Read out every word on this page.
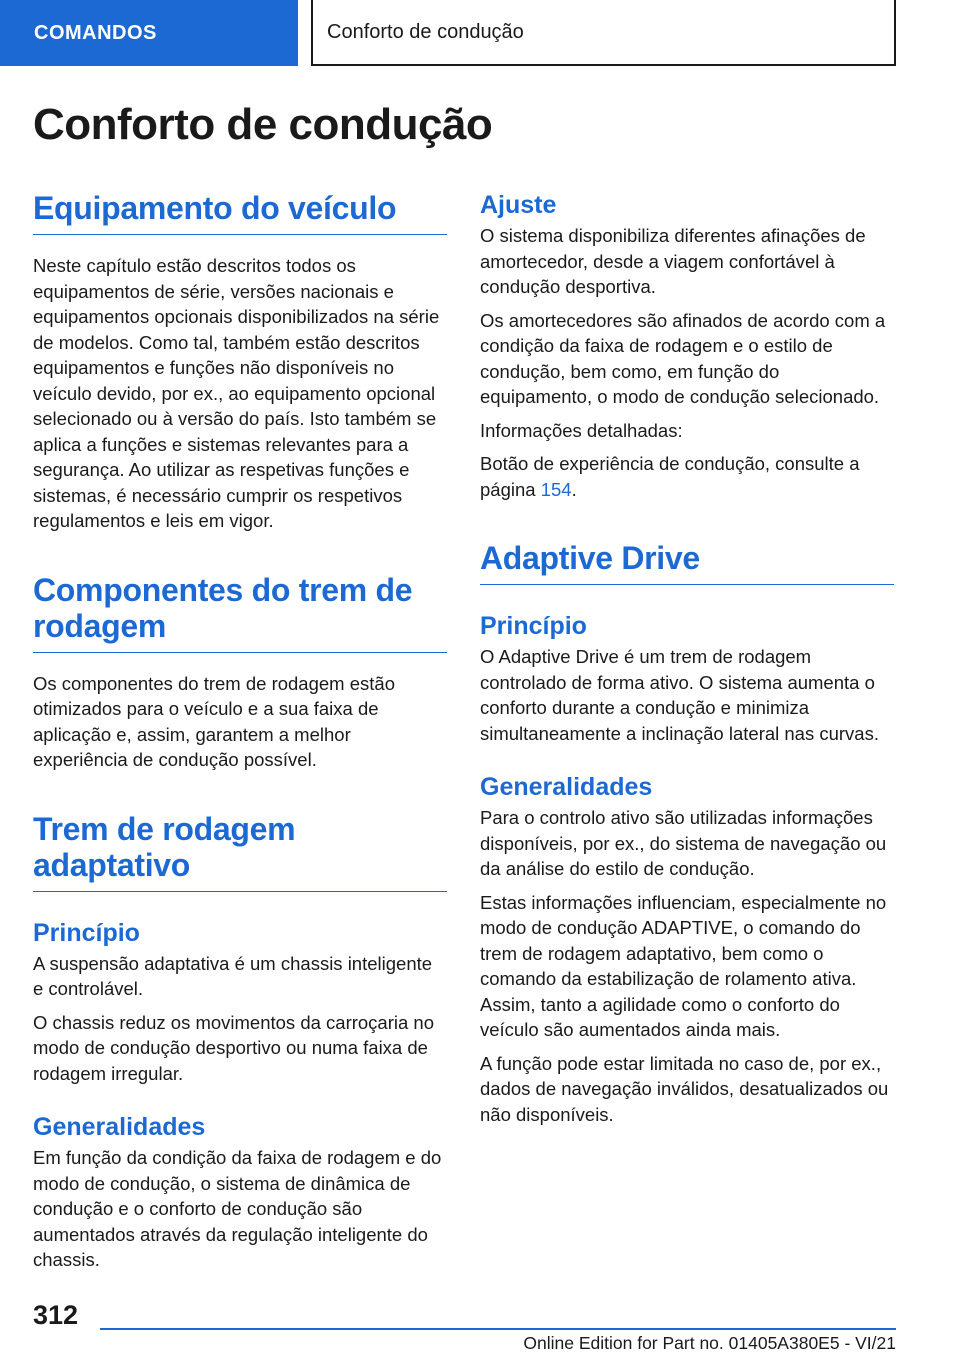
COMANDOS	Conforto de condução
Conforto de condução
Equipamento do veículo

Neste capítulo estão descritos todos os equipamentos de série, versões nacionais e equipamentos opcionais disponibilizados na série de modelos. Como tal, também estão descritos equipamentos e funções não disponíveis no veículo devido, por ex., ao equipamento opcional selecionado ou à versão do país. Isto também se aplica a funções e sistemas relevantes para a segurança. Ao utilizar as respetivas funções e sistemas, é necessário cumprir os respetivos regulamentos e leis em vigor.

Componentes do trem de rodagem

Os componentes do trem de rodagem estão otimizados para o veículo e a sua faixa de aplicação e, assim, garantem a melhor experiência de condução possível.

Trem de rodagem adaptativo
Princípio

A suspensão adaptativa é um chassis inteligente e controlável.

O chassis reduz os movimentos da carroçaria no modo de condução desportivo ou numa faixa de rodagem irregular.

Generalidades

Em função da condição da faixa de rodagem e do modo de condução, o sistema de dinâmica de condução e o conforto de condução são aumentados através da regulação inteligente do chassis.

Ajuste

O sistema disponibiliza diferentes afinações de amortecedor, desde a viagem confortável à condução desportiva.

Os amortecedores são afinados de acordo com a condição da faixa de rodagem e o estilo de condução, bem como, em função do equipamento, o modo de condução selecionado.

Informações detalhadas:

Botão de experiência de condução, consulte a página 154.

Adaptive Drive
Princípio

O Adaptive Drive é um trem de rodagem controlado de forma ativo. O sistema aumenta o conforto durante a condução e minimiza simultaneamente a inclinação lateral nas curvas.

Generalidades

Para o controlo ativo são utilizadas informações disponíveis, por ex., do sistema de navegação ou da análise do estilo de condução.

Estas informações influenciam, especialmente no modo de condução ADAPTIVE, o comando do trem de rodagem adaptativo, bem como o comando da estabilização de rolamento ativa. Assim, tanto a agilidade como o conforto do veículo são aumentados ainda mais.

A função pode estar limitada no caso de, por ex., dados de navegação inválidos, desatualizados ou não disponíveis.

312
Online Edition for Part no. 01405A380E5 - VI/21
